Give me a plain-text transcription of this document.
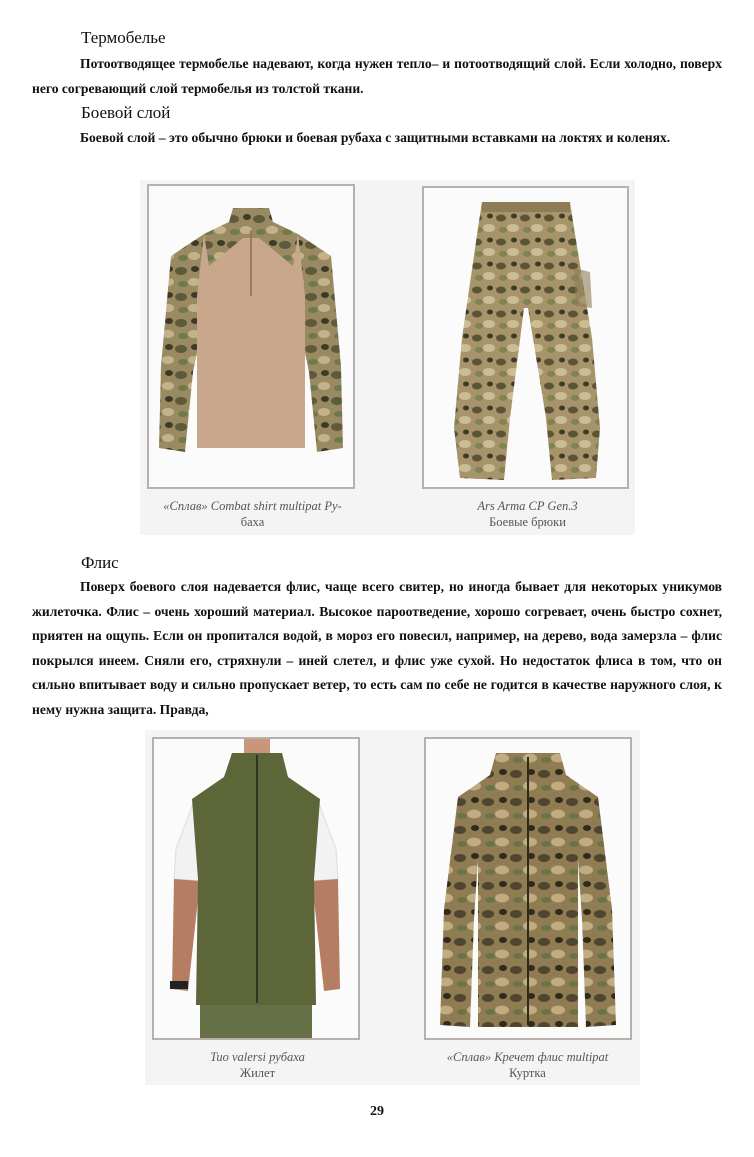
Термобелье

Потоотводящее термобелье надевают, когда нужен тепло– и потоотводящий слой. Если холодно, поверх него согревающий слой термобелья из толстой ткани.

Боевой слой

Боевой слой – это обычно брюки и боевая рубаха с защитными вставками на локтях и коленях.

«Сплав» Combat shirt multipat Ру-
баха
Ars Arma CP Gen.3
Боевые брюки
Флис

Поверх боевого слоя надевается флис, чаще всего свитер, но иногда бывает для некоторых уникумов жилеточка. Флис – очень хороший материал. Высокое пароотведение, хорошо согревает, очень быстро сохнет, приятен на ощупь. Если он пропитался водой, в мороз его повесил, например, на дерево, вода замерзла – флис покрылся инеем. Сняли его, стряхнули – иней слетел, и флис уже сухой. Но недостаток флиса в том, что он сильно впитывает воду и сильно пропускает ветер, то есть сам по себе не годится в качестве наружного слоя, к нему нужна защита. Правда,

Tuo valersi рубаха
Жилет
«Сплав» Кречет флис multipat
Куртка
29
